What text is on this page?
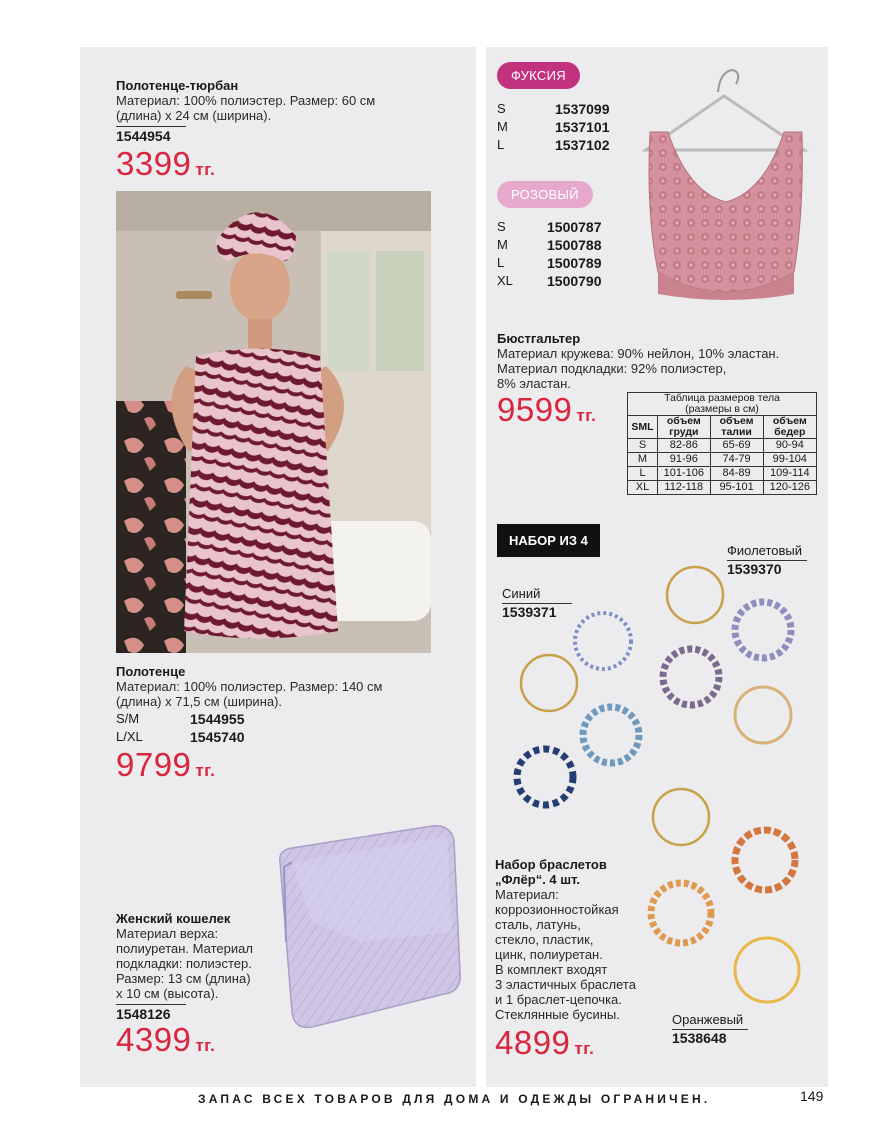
Полотенце-тюрбан
Материал: 100% полиэстер. Размер: 60 см
(длина) х 24 см (ширина).
1544954
3399 тг.
Полотенце
Материал: 100% полиэстер. Размер: 140 см
(длина) х 71,5 см (ширина).
S/M	1544955
L/XL	1545740
9799 тг.
Женский кошелек
Материал верха:
полиуретан. Материал
подкладки: полиэстер.
Размер: 13 см (длина)
х 10 см (высота).
1548126
4399 тг.
ФУКСИЯ
S	1537099
M	1537101
L	1537102
РОЗОВЫЙ
S	1500787
M	1500788
L	1500789
XL	1500790
Бюстгальтер
Материал кружева: 90% нейлон, 10% эластан.
Материал подкладки: 92% полиэстер,
8% эластан.
9599 тг.
Таблица размеров тела
(размеры в см)			

SML	объем груди	объем талии	объем бедер
S	82-86	65-69	90-94
M	91-96	74-79	99-104
L	101-106	84-89	109-114
XL	112-118	95-101	120-126
НАБОР ИЗ 4
Фиолетовый
1539370
Синий
1539371
Набор браслетов
„Флёр“. 4 шт.
Материал:
коррозионностойкая
сталь, латунь,
стекло, пластик,
цинк, полиуретан.
В комплект входят
3 эластичных браслета
и 1 браслет-цепочка.
Стеклянные бусины.
4899 тг.
Оранжевый
1538648
ЗАПАС ВСЕХ ТОВАРОВ ДЛЯ ДОМА И ОДЕЖДЫ ОГРАНИЧЕН.	149
